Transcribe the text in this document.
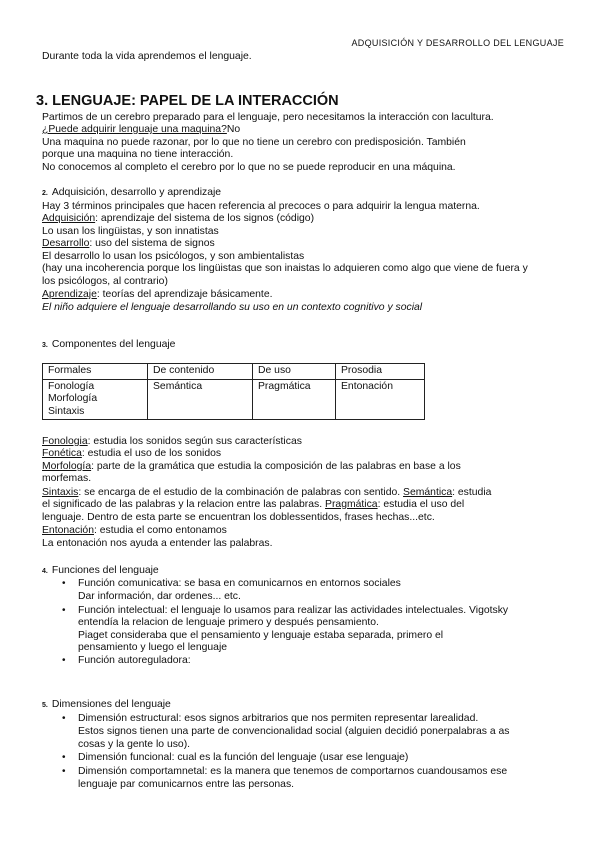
ADQUISICIÓN Y DESARROLLO DEL LENGUAJE
Durante toda la vida aprendemos el lenguaje.
3. LENGUAJE: PAPEL DE LA INTERACCIÓN
Partimos de un cerebro preparado para el lenguaje, pero necesitamos la interacción con lacultura.
¿Puede adquirir lenguaje una maquina?No
Una maquina no puede razonar, por lo que no tiene un cerebro con predisposición. También
porque una maquina no tiene interacción.
No conocemos al completo el cerebro por lo que no se puede reproducir en una máquina.
2. Adquisición, desarrollo y aprendizaje
Hay 3 términos principales que hacen referencia al precoces o para adquirir la lengua materna.
Adquisición: aprendizaje del sistema de los signos (código)
Lo usan los lingüistas, y son innatistas
Desarrollo: uso del sistema de signos
El desarrollo lo usan los psicólogos, y son ambientalistas
(hay una incoherencia porque los lingüistas que son inaistas lo adquieren como algo que viene de fuera y
los psicólogos, al contrario)
Aprendizaje: teorías del aprendizaje básicamente.
El niño adquiere el lenguaje desarrollando su uso en un contexto cognitivo y social
3. Componentes del lenguaje
Formales	De contenido	De uso	Prosodia

Fonología
Morfología
Sintaxis	Semántica	Pragmática	Entonación
Fonologia: estudia los sonidos según sus características
Fonética: estudia el uso de los sonidos
Morfología: parte de la gramática que estudia la composición de las palabras en base a los
morfemas.
Sintaxis: se encarga de el estudio de la combinación de palabras con sentido. Semántica: estudia
el significado de las palabras y la relacion entre las palabras. Pragmática: estudia el uso del
lenguaje. Dentro de esta parte se encuentran los doblessentidos, frases hechas...etc.
Entonación: estudia el como entonamos
La entonación nos ayuda a entender las palabras.
4. Funciones del lenguaje
• Función comunicativa: se basa en comunicarnos en entornos sociales
Dar información, dar ordenes... etc.
• Función intelectual: el lenguaje lo usamos para realizar las actividades intelectuales. Vigotsky
entendía la relacion de lenguaje primero y después pensamiento.
Piaget consideraba que el pensamiento y lenguaje estaba separada, primero el
pensamiento y luego el lenguaje
• Función autoreguladora:
5. Dimensiones del lenguaje
• Dimensión estructural: esos signos arbitrarios que nos permiten representar larealidad.
Estos signos tienen una parte de convencionalidad social (alguien decidió ponerpalabras a as
cosas y la gente lo uso).
• Dimensión funcional: cual es la función del lenguaje (usar ese lenguaje)
• Dimensión comportamnetal: es la manera que tenemos de comportarnos cuandousamos ese
lenguaje par comunicarnos entre las personas.
